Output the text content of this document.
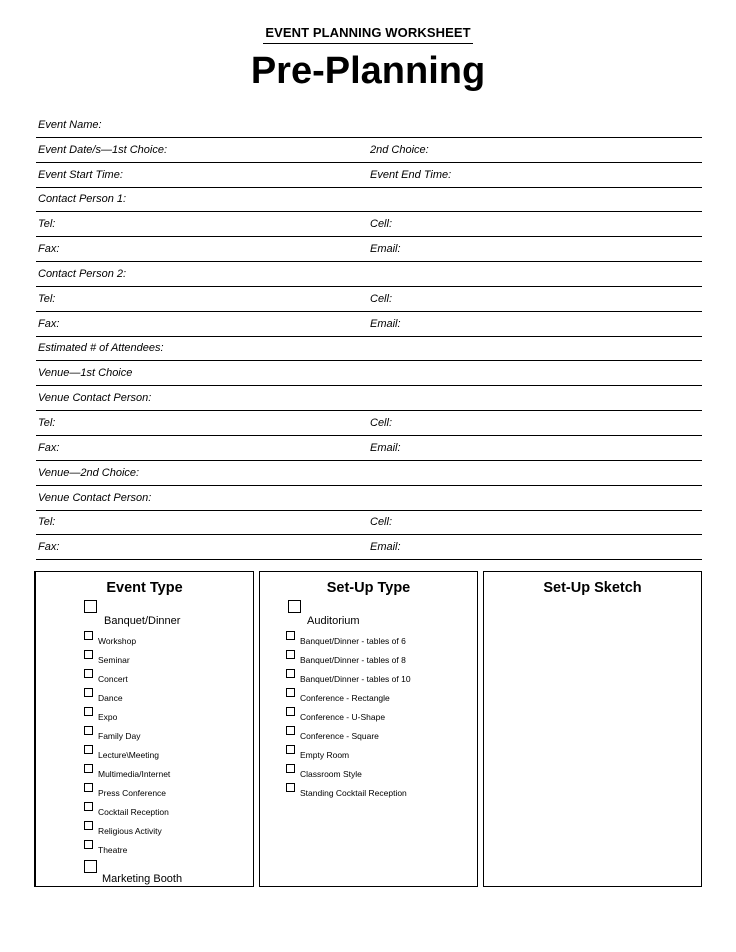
EVENT PLANNING WORKSHEET
Pre-Planning
Event Name:
Event Date/s—1st Choice:	2nd Choice:
Event Start Time:	Event End Time:
Contact Person 1:
Tel:	Cell:
Fax:	Email:
Contact Person 2:
Tel:	Cell:
Fax:	Email:
Estimated # of Attendees:
Venue—1st Choice
Venue Contact Person:
Tel:	Cell:
Fax:	Email:
Venue—2nd Choice:
Venue Contact Person:
Tel:	Cell:
Fax:	Email:
Event Type
Banquet/Dinner
Workshop
Seminar
Concert
Dance
Expo
Family Day
Lecture\Meeting
Multimedia/Internet
Press Conference
Cocktail Reception
Religious Activity
Theatre
Marketing Booth
Set-Up Type
Auditorium
Banquet/Dinner - tables of 6
Banquet/Dinner - tables of 8
Banquet/Dinner - tables of 10
Conference - Rectangle
Conference - U-Shape
Conference - Square
Empty Room
Classroom Style
Standing Cocktail Reception
Set-Up Sketch
